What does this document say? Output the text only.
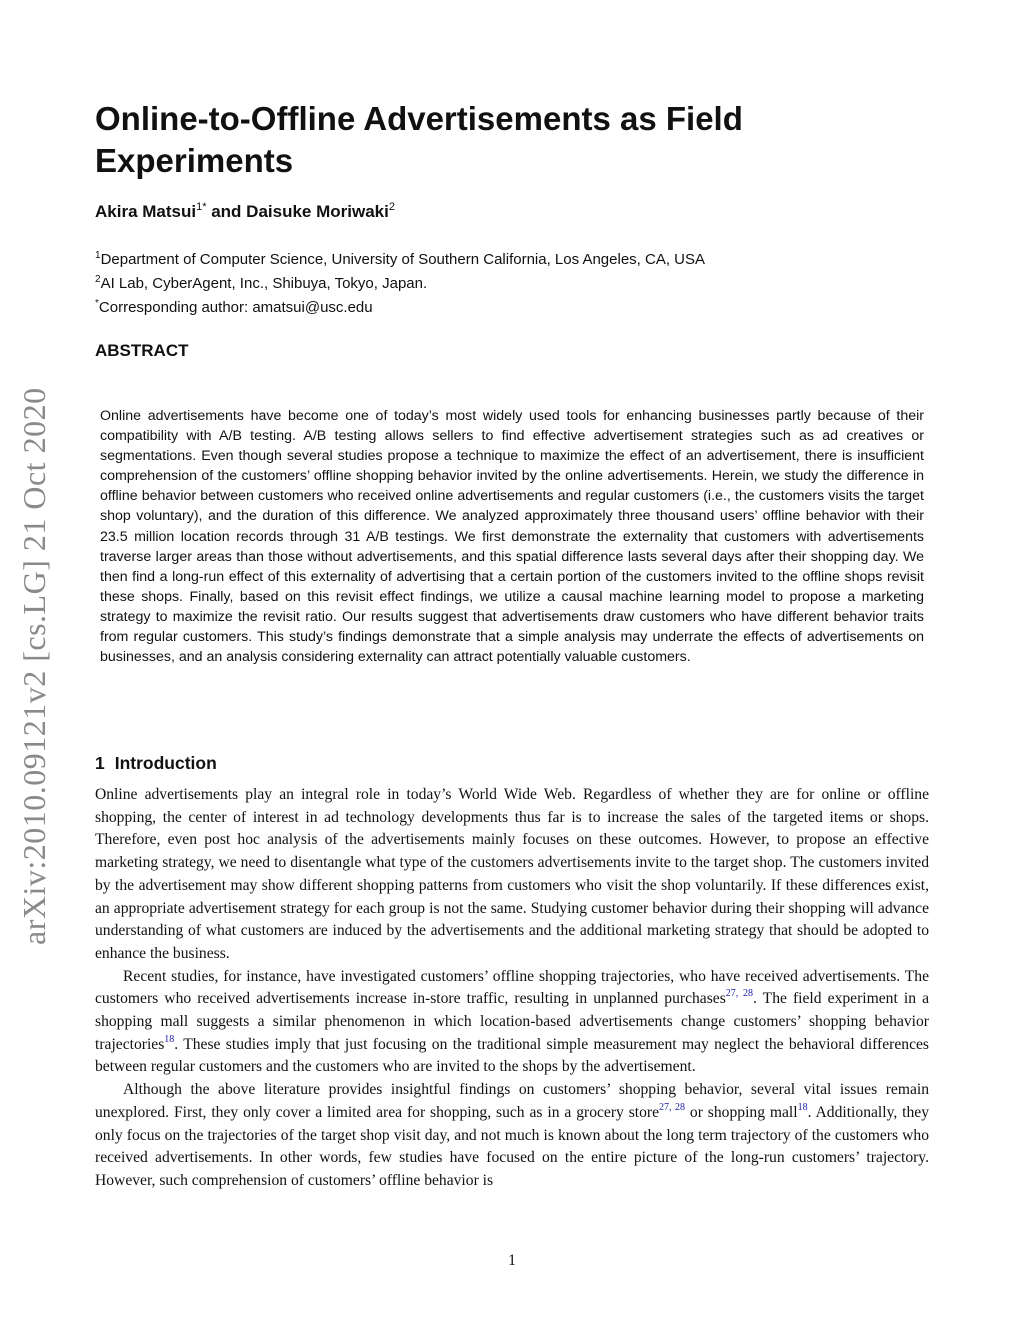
arXiv:2010.09121v2 [cs.LG] 21 Oct 2020
Online-to-Offline Advertisements as Field Experiments
Akira Matsui$^{1*}$ and Daisuke Moriwaki$^2$
$^1$Department of Computer Science, University of Southern California, Los Angeles, CA, USA
$^2$AI Lab, CyberAgent, Inc., Shibuya, Tokyo, Japan.
*Corresponding author: amatsui@usc.edu
ABSTRACT

Online advertisements have become one of today’s most widely used tools for enhancing businesses partly because of their compatibility with A/B testing. A/B testing allows sellers to find effective advertisement strategies such as ad creatives or segmentations. Even though several studies propose a technique to maximize the effect of an advertisement, there is insufficient comprehension of the customers’ offline shopping behavior invited by the online advertisements. Herein, we study the difference in offline behavior between customers who received online advertisements and regular customers (i.e., the customers visits the target shop voluntary), and the duration of this difference. We analyzed approximately three thousand users’ offline behavior with their 23.5 million location records through 31 A/B testings. We first demonstrate the externality that customers with advertisements traverse larger areas than those without advertisements, and this spatial difference lasts several days after their shopping day. We then find a long-run effect of this externality of advertising that a certain portion of the customers invited to the offline shops revisit these shops. Finally, based on this revisit effect findings, we utilize a causal machine learning model to propose a marketing strategy to maximize the revisit ratio. Our results suggest that advertisements draw customers who have different behavior traits from regular customers. This study’s findings demonstrate that a simple analysis may underrate the effects of advertisements on businesses, and an analysis considering externality can attract potentially valuable customers.

1 Introduction

Online advertisements play an integral role in today’s World Wide Web. Regardless of whether they are for online or offline shopping, the center of interest in ad technology developments thus far is to increase the sales of the targeted items or shops. Therefore, even post hoc analysis of the advertisements mainly focuses on these outcomes. However, to propose an effective marketing strategy, we need to disentangle what type of the customers advertisements invite to the target shop. The customers invited by the advertisement may show different shopping patterns from customers who visit the shop voluntarily. If these differences exist, an appropriate advertisement strategy for each group is not the same. Studying customer behavior during their shopping will advance understanding of what customers are induced by the advertisements and the additional marketing strategy that should be adopted to enhance the business.

Recent studies, for instance, have investigated customers’ offline shopping trajectories, who have received advertisements. The customers who received advertisements increase in-store traffic, resulting in unplanned purchases$^{27, 28}$. The field experiment in a shopping mall suggests a similar phenomenon in which location-based advertisements change customers’ shopping behavior trajectories$^{18}$. These studies imply that just focusing on the traditional simple measurement may neglect the behavioral differences between regular customers and the customers who are invited to the shops by the advertisement.

Although the above literature provides insightful findings on customers’ shopping behavior, several vital issues remain unexplored. First, they only cover a limited area for shopping, such as in a grocery store$^{27, 28}$ or shopping mall$^{18}$. Additionally, they only focus on the trajectories of the target shop visit day, and not much is known about the long term trajectory of the customers who received advertisements. In other words, few studies have focused on the entire picture of the long-run customers’ trajectory. However, such comprehension of customers’ offline behavior is

1
